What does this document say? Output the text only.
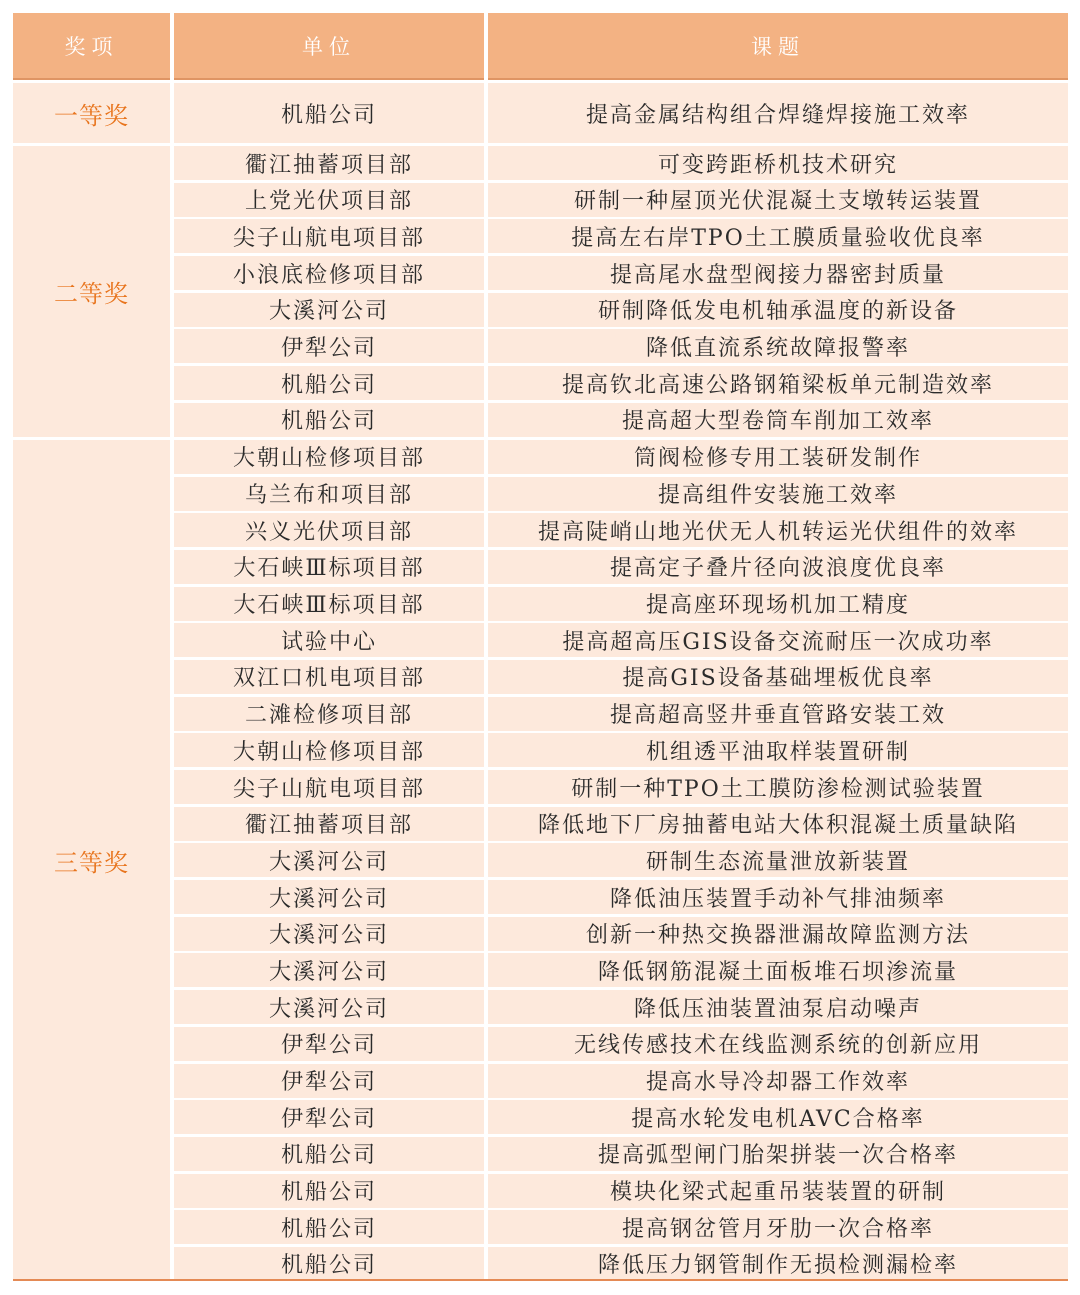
奖项	单位	课题
一等奖	机船公司	提高金属结构组合焊缝焊接施工效率
二等奖
衢江抽蓄项目部	可变跨距桥机技术研究
上党光伏项目部	研制一种屋顶光伏混凝土支墩转运装置
尖子山航电项目部	提高左右岸TPO土工膜质量验收优良率
小浪底检修项目部	提高尾水盘型阀接力器密封质量
大溪河公司	研制降低发电机轴承温度的新设备
伊犁公司	降低直流系统故障报警率
机船公司	提高钦北高速公路钢箱梁板单元制造效率
机船公司	提高超大型卷筒车削加工效率
三等奖
大朝山检修项目部	筒阀检修专用工装研发制作
乌兰布和项目部	提高组件安装施工效率
兴义光伏项目部	提高陡峭山地光伏无人机转运光伏组件的效率
大石峡Ⅲ标项目部	提高定子叠片径向波浪度优良率
大石峡Ⅲ标项目部	提高座环现场机加工精度
试验中心	提高超高压GIS设备交流耐压一次成功率
双江口机电项目部	提高GIS设备基础埋板优良率
二滩检修项目部	提高超高竖井垂直管路安装工效
大朝山检修项目部	机组透平油取样装置研制
尖子山航电项目部	研制一种TPO土工膜防渗检测试验装置
衢江抽蓄项目部	降低地下厂房抽蓄电站大体积混凝土质量缺陷
大溪河公司	研制生态流量泄放新装置
大溪河公司	降低油压装置手动补气排油频率
大溪河公司	创新一种热交换器泄漏故障监测方法
大溪河公司	降低钢筋混凝土面板堆石坝渗流量
大溪河公司	降低压油装置油泵启动噪声
伊犁公司	无线传感技术在线监测系统的创新应用
伊犁公司	提高水导冷却器工作效率
伊犁公司	提高水轮发电机AVC合格率
机船公司	提高弧型闸门胎架拼装一次合格率
机船公司	模块化梁式起重吊装装置的研制
机船公司	提高钢岔管月牙肋一次合格率
机船公司	降低压力钢管制作无损检测漏检率
